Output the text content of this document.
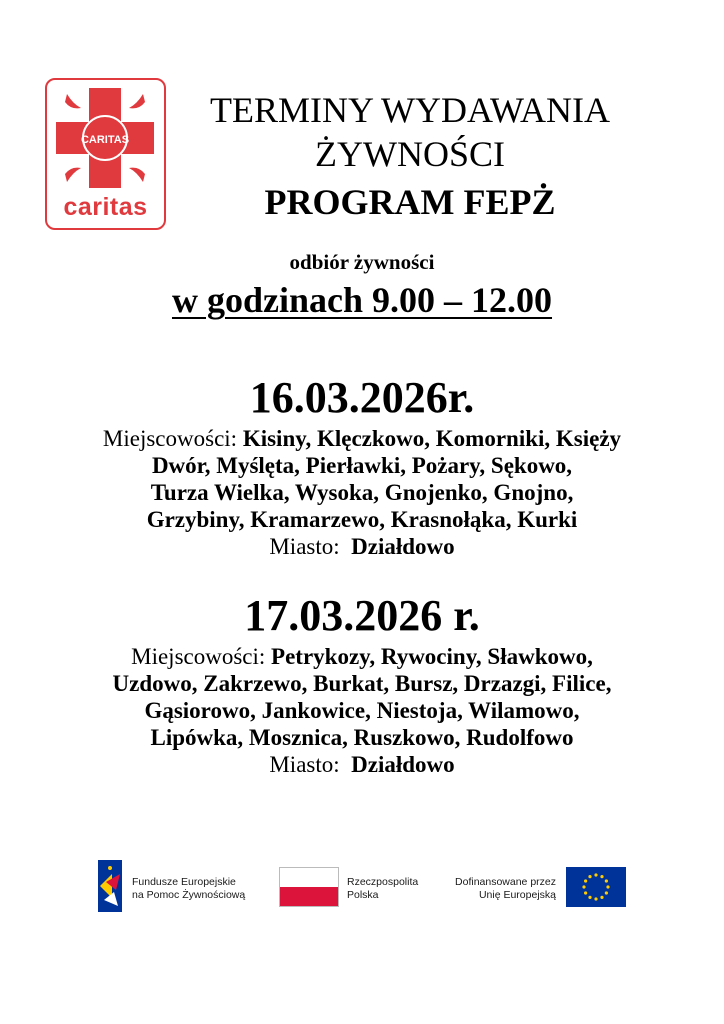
CARITAS
caritas
TERMINY WYDAWANIA
ŻYWNOŚCI
PROGRAM FEPŻ
odbiór żywności
w godzinach 9.00 – 12.00
16.03.2026r.
Miejscowości: Kisiny, Klęczkowo, Komorniki, Księży
Dwór, Myślęta, Pierławki, Pożary, Sękowo,
Turza Wielka, Wysoka, Gnojenko, Gnojno,
Grzybiny, Kramarzewo, Krasnołąka, Kurki
Miasto: Działdowo
17.03.2026 r.
Miejscowości: Petrykozy, Rywociny, Sławkowo,
Uzdowo, Zakrzewo, Burkat, Bursz, Drzazgi, Filice,
Gąsiorowo, Jankowice, Niestoja, Wilamowo,
Lipówka, Mosznica, Ruszkowo, Rudolfowo
Miasto: Działdowo
Fundusze Europejskie
na Pomoc Żywnościową
Rzeczpospolita
Polska
Dofinansowane przez
Unię Europejską
